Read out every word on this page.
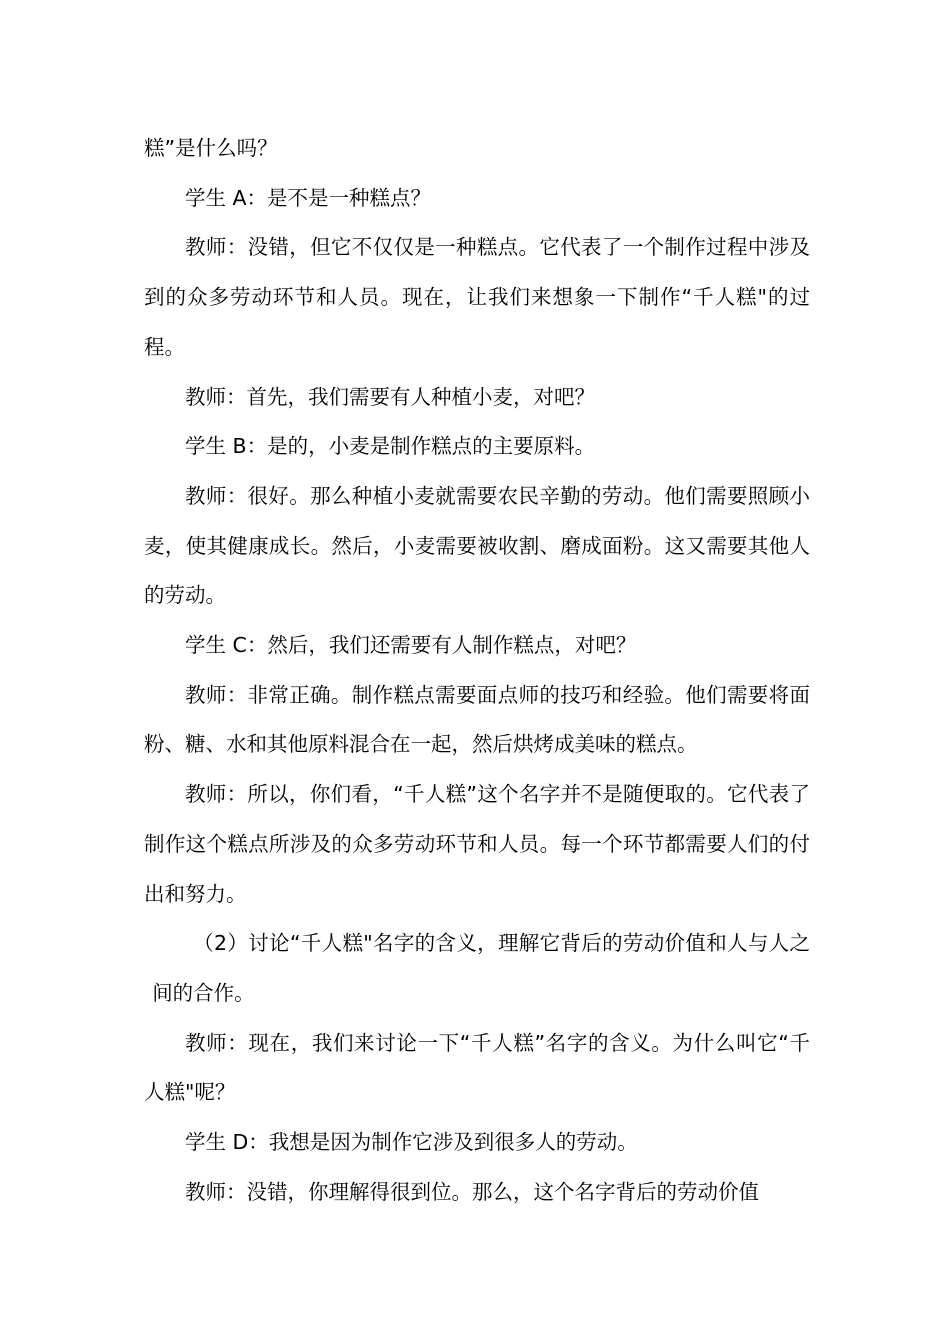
糕”是什么吗？

学生 A：是不是一种糕点？

教师：没错，但它不仅仅是一种糕点。它代表了一个制作过程中涉及到的众多劳动环节和人员。现在，让我们来想象一下制作“千人糕"的过程。

教师：首先，我们需要有人种植小麦，对吧？

学生 B：是的，小麦是制作糕点的主要原料。

教师：很好。那么种植小麦就需要农民辛勤的劳动。他们需要照顾小麦，使其健康成长。然后，小麦需要被收割、磨成面粉。这又需要其他人的劳动。

学生 C：然后，我们还需要有人制作糕点，对吧？

教师：非常正确。制作糕点需要面点师的技巧和经验。他们需要将面粉、糖、水和其他原料混合在一起，然后烘烤成美味的糕点。

教师：所以，你们看，“千人糕”这个名字并不是随便取的。它代表了制作这个糕点所涉及的众多劳动环节和人员。每一个环节都需要人们的付出和努力。

（2）讨论“千人糕"名字的含义，理解它背后的劳动价值和人与人之间的合作。

教师：现在，我们来讨论一下“千人糕”名字的含义。为什么叫它“千人糕"呢？

学生 D：我想是因为制作它涉及到很多人的劳动。

教师：没错，你理解得很到位。那么，这个名字背后的劳动价值
